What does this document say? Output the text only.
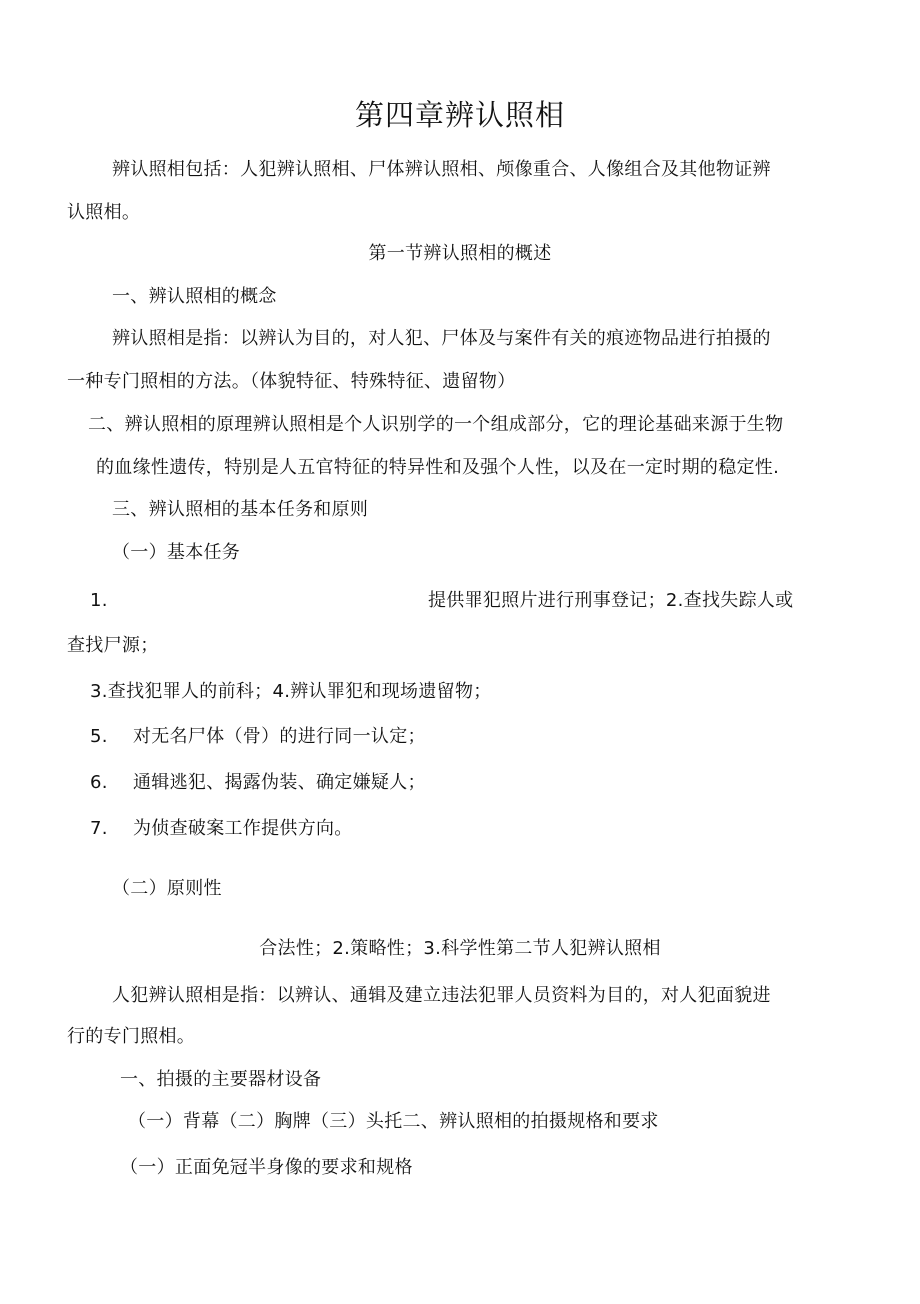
第四章辨认照相
辨认照相包括：人犯辨认照相、尸体辨认照相、颅像重合、人像组合及其他物证辨
认照相。
第一节辨认照相的概述
一、辨认照相的概念
辨认照相是指：以辨认为目的，对人犯、尸体及与案件有关的痕迹物品进行拍摄的
一种专门照相的方法。（体貌特征、特殊特征、遗留物）
二、辨认照相的原理辨认照相是个人识别学的一个组成部分，它的理论基础来源于生物
的血缘性遗传，特别是人五官特征的特异性和及强个人性，以及在一定时期的稳定性.
三、辨认照相的基本任务和原则
（一）基本任务
1.	提供罪犯照片进行刑事登记；2.查找失踪人或
查找尸源；
3.查找犯罪人的前科；4.辨认罪犯和现场遗留物；
5. 对无名尸体（骨）的进行同一认定；
6. 通辑逃犯、揭露伪装、确定嫌疑人；
7. 为侦查破案工作提供方向。
（二）原则性
合法性；2.策略性；3.科学性第二节人犯辨认照相
人犯辨认照相是指：以辨认、通辑及建立违法犯罪人员资料为目的，对人犯面貌进
行的专门照相。
一、拍摄的主要器材设备
（一）背幕（二）胸牌（三）头托二、辨认照相的拍摄规格和要求
（一）正面免冠半身像的要求和规格
